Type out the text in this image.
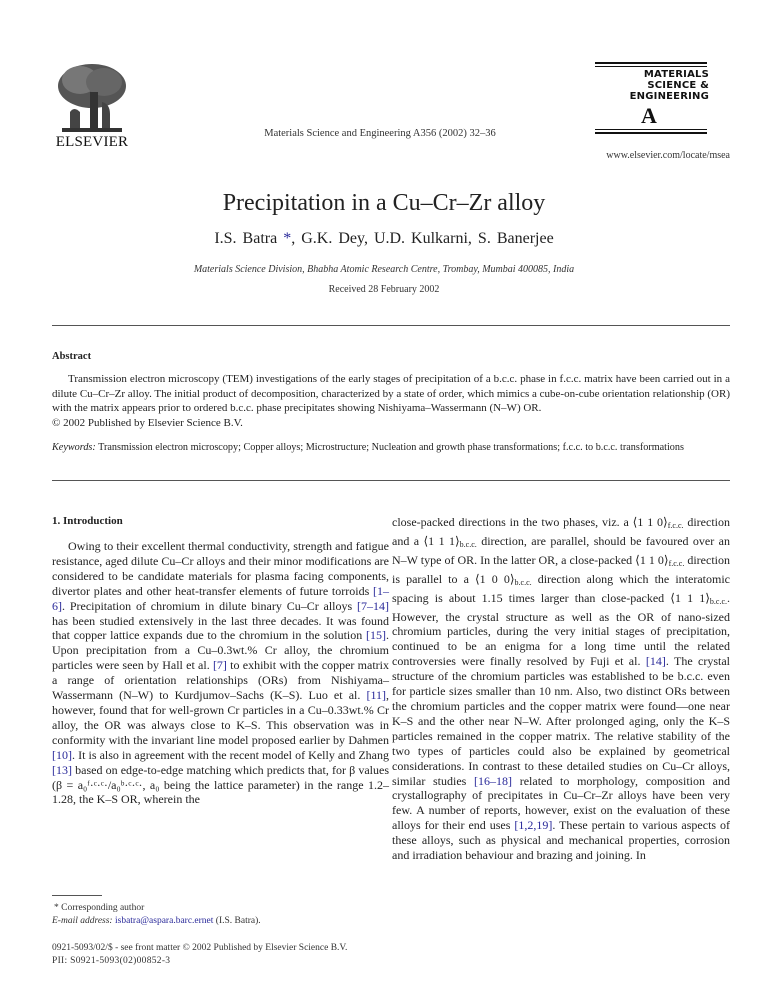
ELSEVIER
Materials Science and Engineering A356 (2002) 32–36
MATERIALS
SCIENCE &
ENGINEERING
A
www.elsevier.com/locate/msea
Precipitation in a Cu–Cr–Zr alloy
I.S. Batra *, G.K. Dey, U.D. Kulkarni, S. Banerjee
Materials Science Division, Bhabha Atomic Research Centre, Trombay, Mumbai 400085, India
Received 28 February 2002
Abstract

Transmission electron microscopy (TEM) investigations of the early stages of precipitation of a b.c.c. phase in f.c.c. matrix have been carried out in a dilute Cu–Cr–Zr alloy. The initial product of decomposition, characterized by a state of order, which mimics a cube-on-cube orientation relationship (OR) with the matrix appears prior to ordered b.c.c. phase precipitates showing Nishiyama–Wassermann (N–W) OR.

© 2002 Published by Elsevier Science B.V.
Keywords: Transmission electron microscopy; Copper alloys; Microstructure; Nucleation and growth phase transformations; f.c.c. to b.c.c. transformations
1. Introduction
Owing to their excellent thermal conductivity, strength and fatigue resistance, aged dilute Cu–Cr alloys and their minor modifications are considered to be candidate materials for plasma facing components, divertor plates and other heat-transfer elements of future torroids [1–6]. Precipitation of chromium in dilute binary Cu–Cr alloys [7–14] has been studied extensively in the last three decades. It was found that copper lattice expands due to the chromium in the solution [15]. Upon precipitation from a Cu–0.3wt.% Cr alloy, the chromium particles were seen by Hall et al. [7] to exhibit with the copper matrix a range of orientation relationships (ORs) from Nishiyama–Wassermann (N–W) to Kurdjumov–Sachs (K–S). Luo et al. [11], however, found that for well-grown Cr particles in a Cu–0.33wt.% Cr alloy, the OR was always close to K–S. This observation was in conformity with the invariant line model proposed earlier by Dahmen [10]. It is also in agreement with the recent model of Kelly and Zhang [13] based on edge-to-edge matching which predicts that, for β values (β = a₀ᶠ·ᶜ·ᶜ·/a₀ᵇ·ᶜ·ᶜ·, a₀ being the lattice parameter) in the range 1.2–1.28, the K–S OR, wherein the
close-packed directions in the two phases, viz. a ⟨1 1 $0⟩_{f.c.c.}$ direction and a ⟨1 1 $1⟩_{b.c.c.}$ direction, are parallel, should be favoured over an N–W type of OR. In the latter OR, a close-packed ⟨1 1 $0⟩_{f.c.c.}$ direction is parallel to a ⟨1 0 $0⟩_{b.c.c.}$ direction along which the interatomic spacing is about 1.15 times larger than close-packed ⟨1 1 $1⟩_{b.c.c.}$. However, the crystal structure as well as the OR of nano-sized chromium particles, during the very initial stages of precipitation, continued to be an enigma for a long time until the related controversies were finally resolved by Fuji et al. [14]. The crystal structure of the chromium particles was established to be b.c.c. even for particle sizes smaller than 10 nm. Also, two distinct ORs between the chromium particles and the copper matrix were found—one near K–S and the other near N–W. After prolonged aging, only the K–S particles remained in the copper matrix. The relative stability of the two types of particles could also be explained by geometrical considerations. In contrast to these detailed studies on Cu–Cr alloys, similar studies [16–18] related to morphology, composition and crystallography of precipitates in Cu–Cr–Zr alloys have been very few. A number of reports, however, exist on the evaluation of these alloys for their end uses [1,2,19]. These pertain to various aspects of these alloys, such as physical and mechanical properties, corrosion and irradiation behaviour and brazing and joining. In
* Corresponding author
E-mail address: isbatra@aspara.barc.ernet (I.S. Batra).
0921-5093/02/$ - see front matter © 2002 Published by Elsevier Science B.V.
PII: S0921-5093(02)00852-3
